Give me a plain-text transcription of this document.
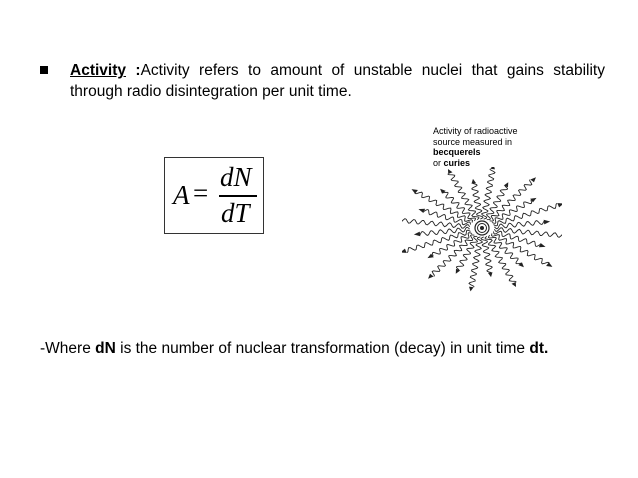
Activity :Activity refers to amount of unstable nuclei that gains stability through radio disintegration per unit time.
A =
dN
dT
Activity of radioactive
source measured in
becquerels
or curies
-Where dN is the number of nuclear transformation (decay) in unit time dt.
